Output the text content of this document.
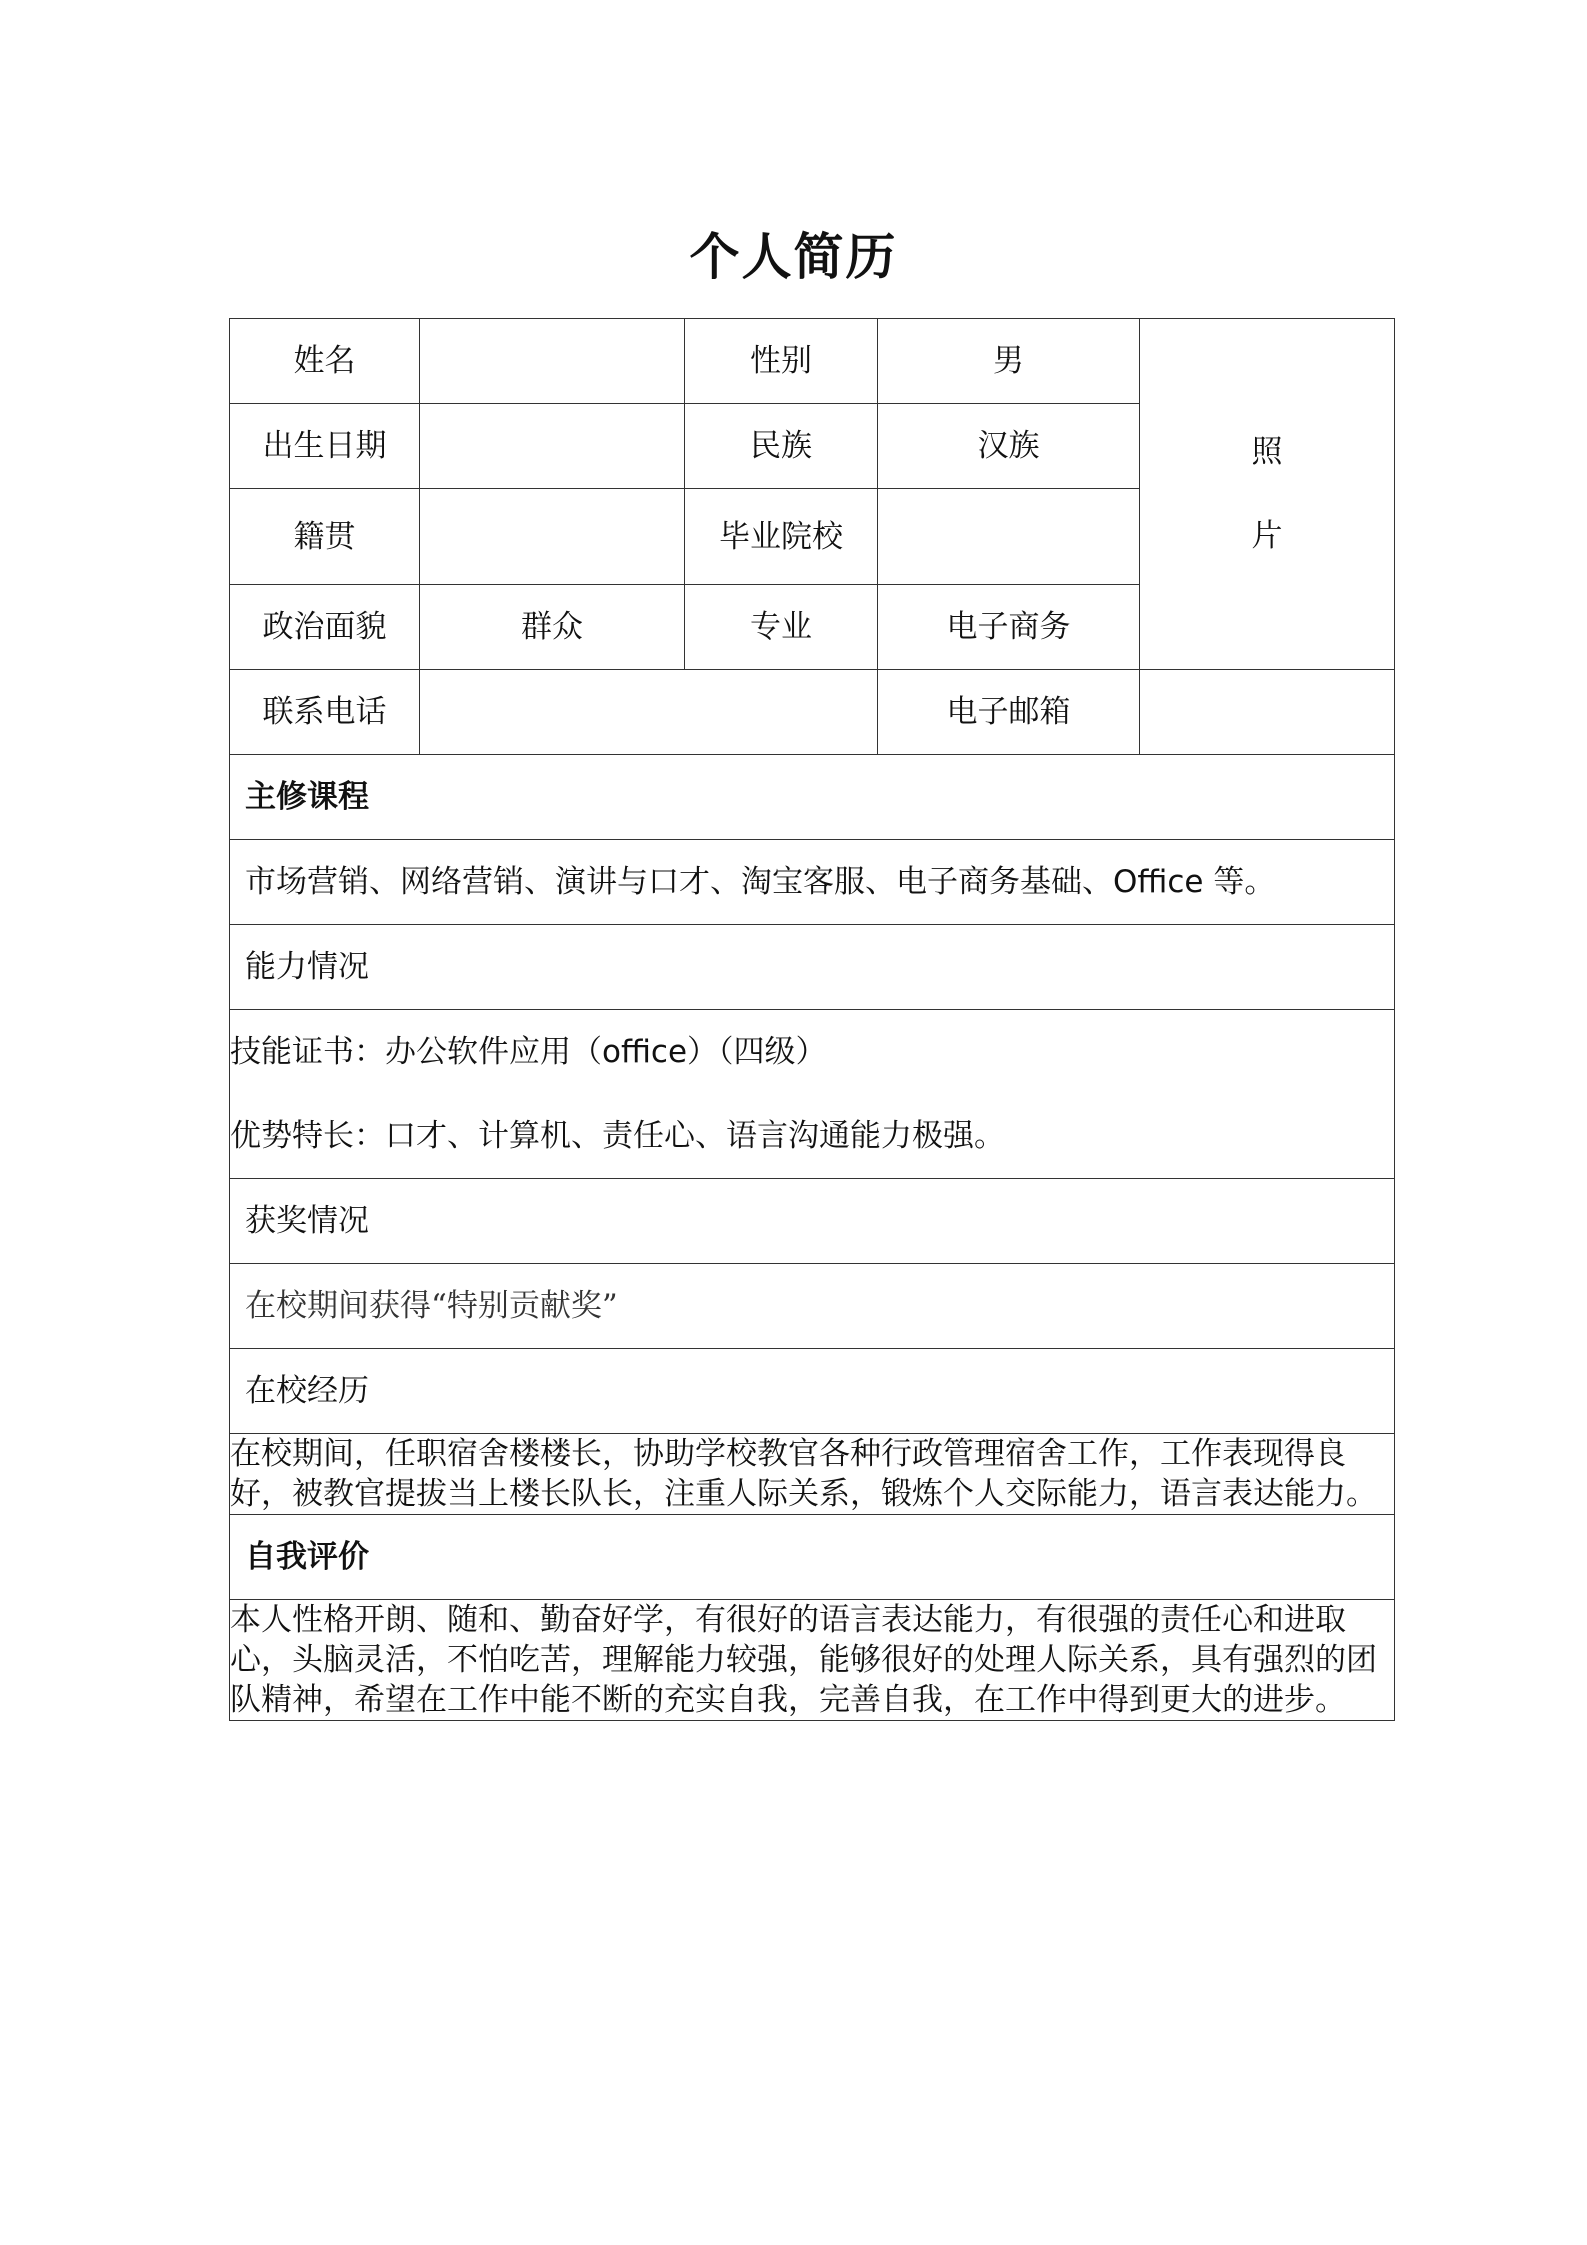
个人简历
姓名		性别	男	照
片

出生日期		民族	汉族	
籍贯		毕业院校		
政治面貌	群众	专业	电子商务	
联系电话			电子邮箱	
主修课程				
市场营销、网络营销、演讲与口才、淘宝客服、电子商务基础、Office 等。				
能力情况				

技能证书：办公软件应用（office）（四级）

优势特长：口才、计算机、责任心、语言沟通能力极强。				

获奖情况				
在校期间获得“特别贡献奖”				
在校经历				
在校期间，任职宿舍楼楼长，协助学校教官各种行政管理宿舍工作，工作表现得良好，被教官提拔当上楼长队长，注重人际关系，锻炼个人交际能力，语言表达能力。				
自我评价				
本人性格开朗、随和、勤奋好学，有很好的语言表达能力，有很强的责任心和进取心，头脑灵活，不怕吃苦，理解能力较强，能够很好的处理人际关系，具有强烈的团队精神，希望在工作中能不断的充实自我，完善自我，在工作中得到更大的进步。				
